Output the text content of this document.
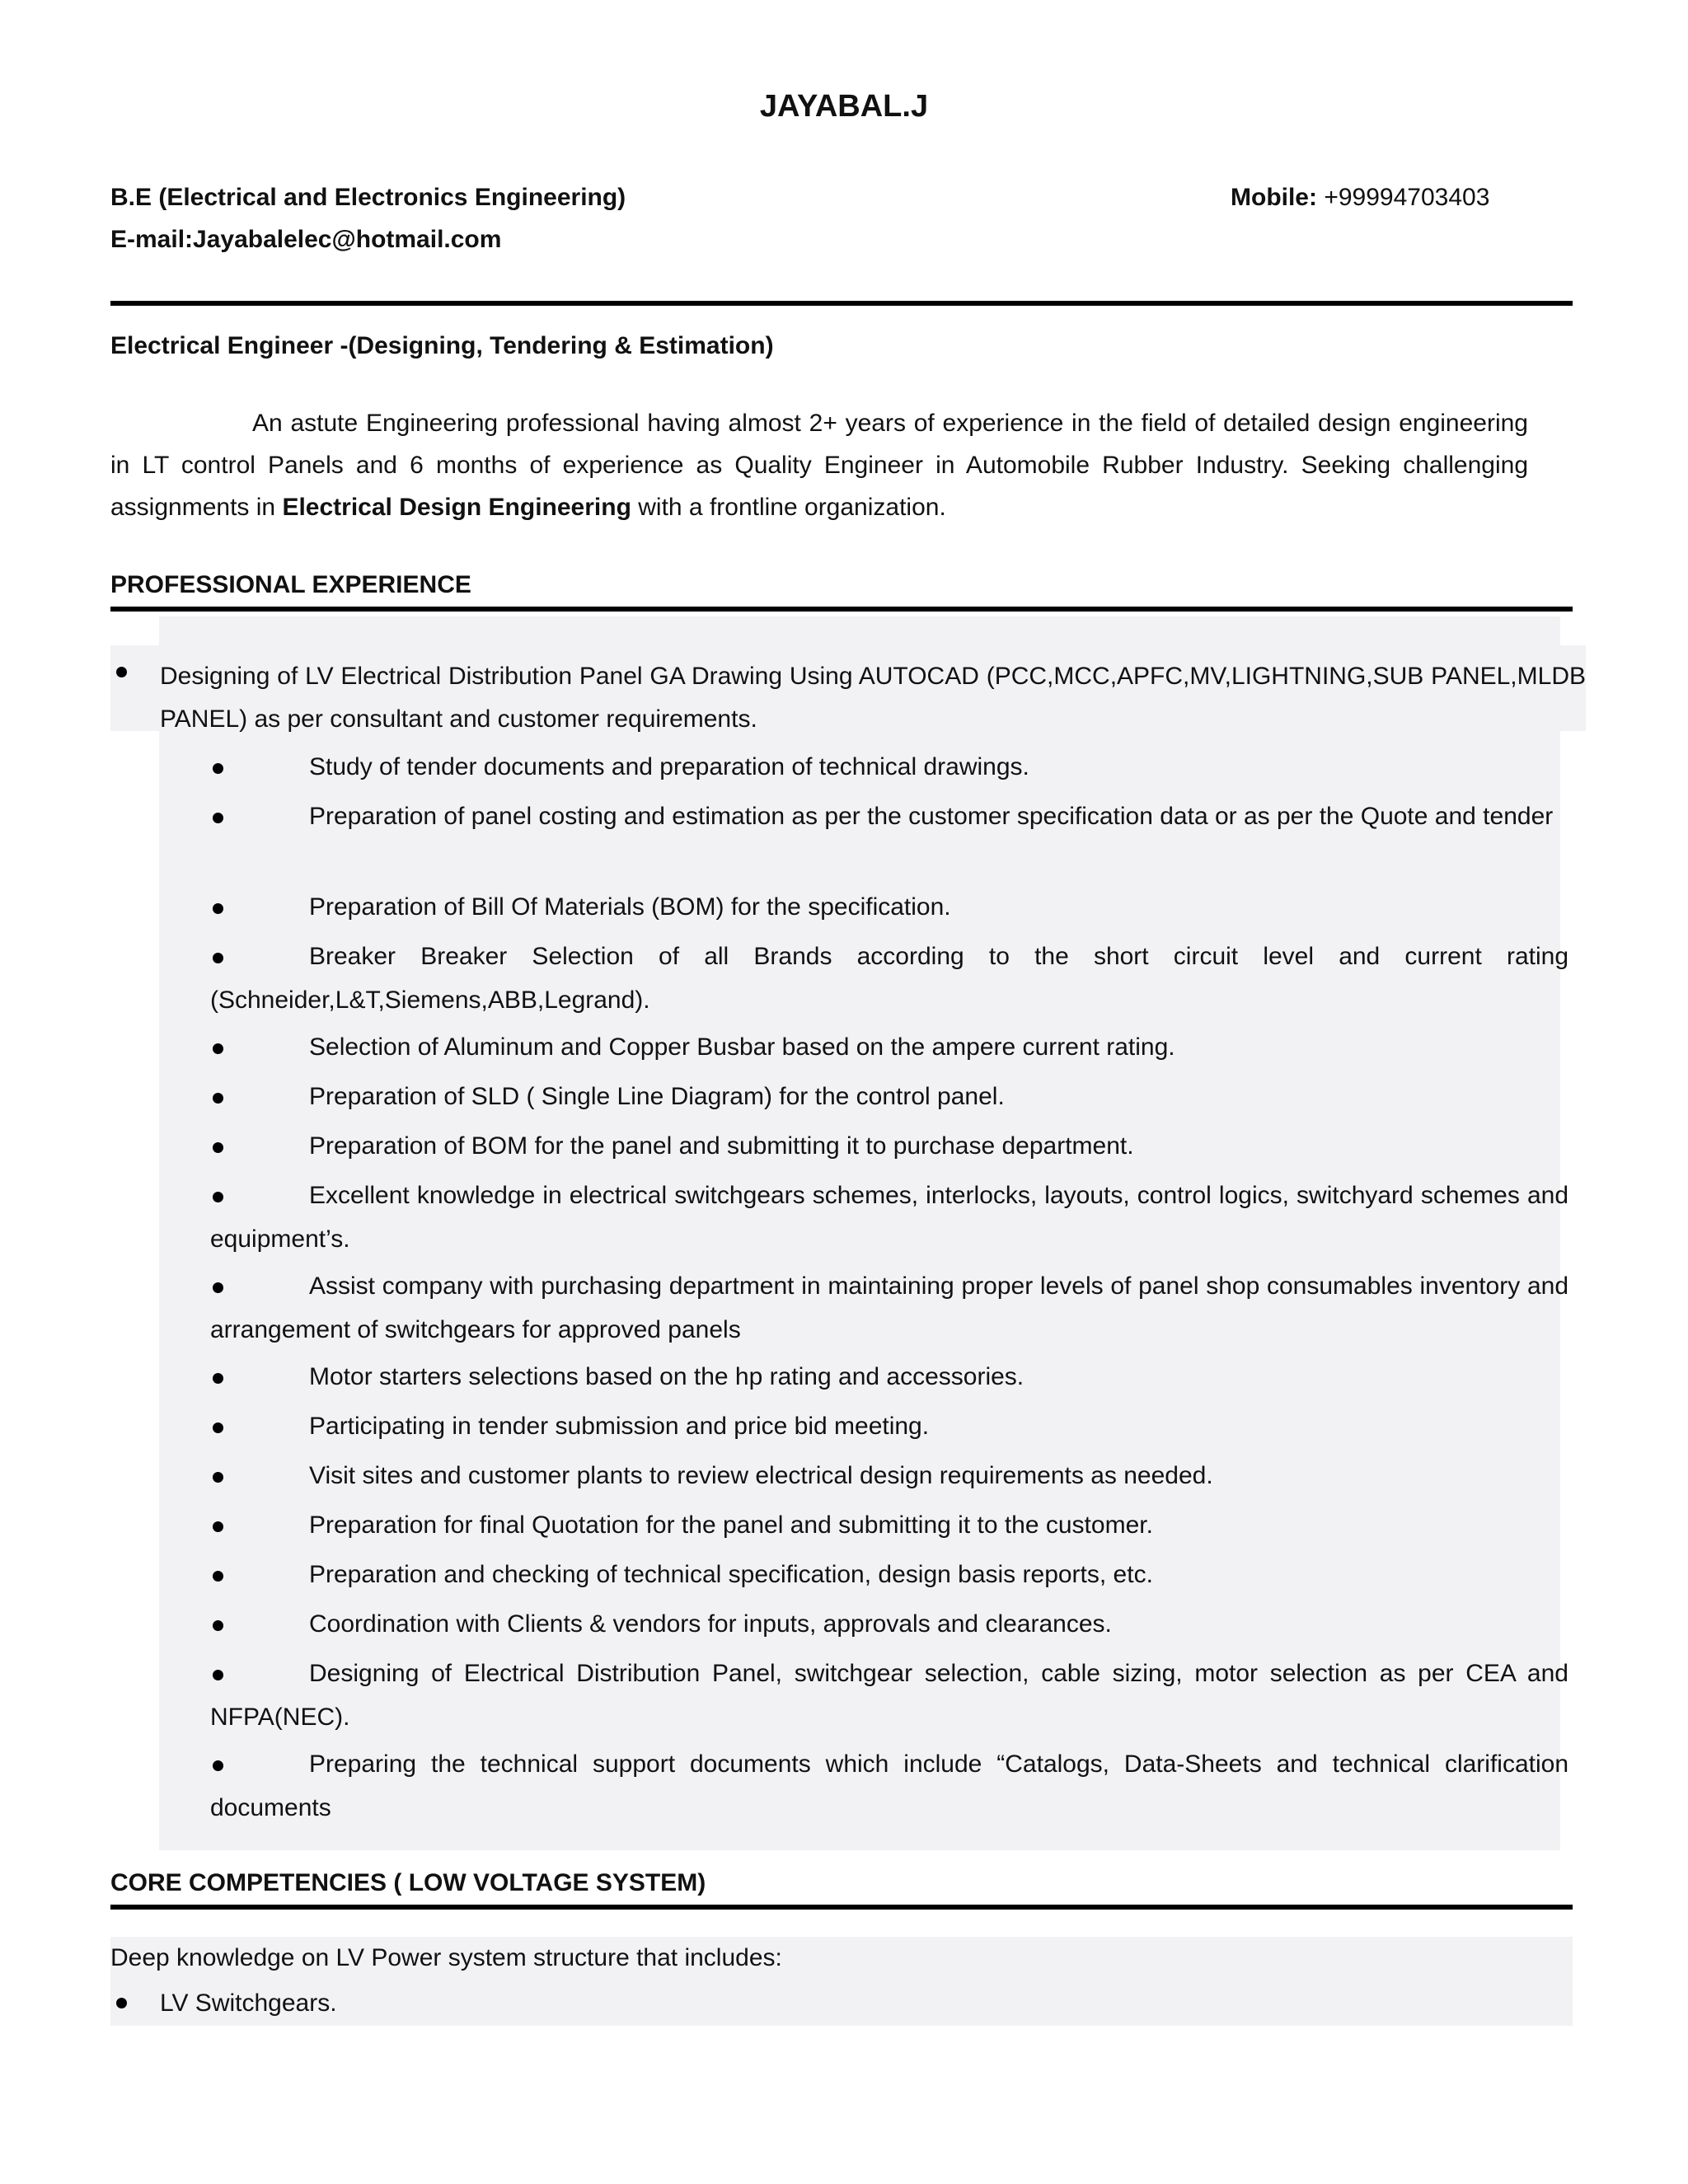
JAYABAL.J
B.E (Electrical and Electronics Engineering)	Mobile: +99994703403
E-mail:Jayabalelec@hotmail.com
Electrical Engineer -(Designing, Tendering & Estimation)
An astute Engineering professional having almost 2+ years of experience in the field of detailed design engineering in LT control Panels and 6 months of experience as Quality Engineer in Automobile Rubber Industry. Seeking challenging assignments in Electrical Design Engineering with a frontline organization.
PROFESSIONAL EXPERIENCE
Designing of LV Electrical Distribution Panel GA Drawing Using AUTOCAD (PCC,MCC,APFC,MV,LIGHTNING,SUB PANEL,MLDB PANEL) as per consultant and customer requirements.
Study of tender documents and preparation of technical drawings.
Preparation of panel costing and estimation as per the customer specification data or as per the Quote and tender
Preparation of Bill Of Materials (BOM) for the specification.
Breaker Breaker Selection of all Brands according to the short circuit level and current rating (Schneider,L&T,Siemens,ABB,Legrand).
Selection of Aluminum and Copper Busbar based on the ampere current rating.
Preparation of SLD ( Single Line Diagram) for the control panel.
Preparation of BOM for the panel and submitting it to purchase department.
Excellent knowledge in electrical switchgears schemes, interlocks, layouts, control logics, switchyard schemes and equipment’s.
Assist company with purchasing department in maintaining proper levels of panel shop consumables inventory and arrangement of switchgears for approved panels
Motor starters selections based on the hp rating and accessories.
Participating in tender submission and price bid meeting.
Visit sites and customer plants to review electrical design requirements as needed.
Preparation for final Quotation for the panel and submitting it to the customer.
Preparation and checking of technical specification, design basis reports, etc.
Coordination with Clients & vendors for inputs, approvals and clearances.
Designing of Electrical Distribution Panel, switchgear selection, cable sizing, motor selection as per CEA and NFPA(NEC).
Preparing the technical support documents which include “Catalogs, Data-Sheets and technical clarification documents
CORE COMPETENCIES ( LOW VOLTAGE SYSTEM)
Deep knowledge on LV Power system structure that includes:
LV Switchgears.
